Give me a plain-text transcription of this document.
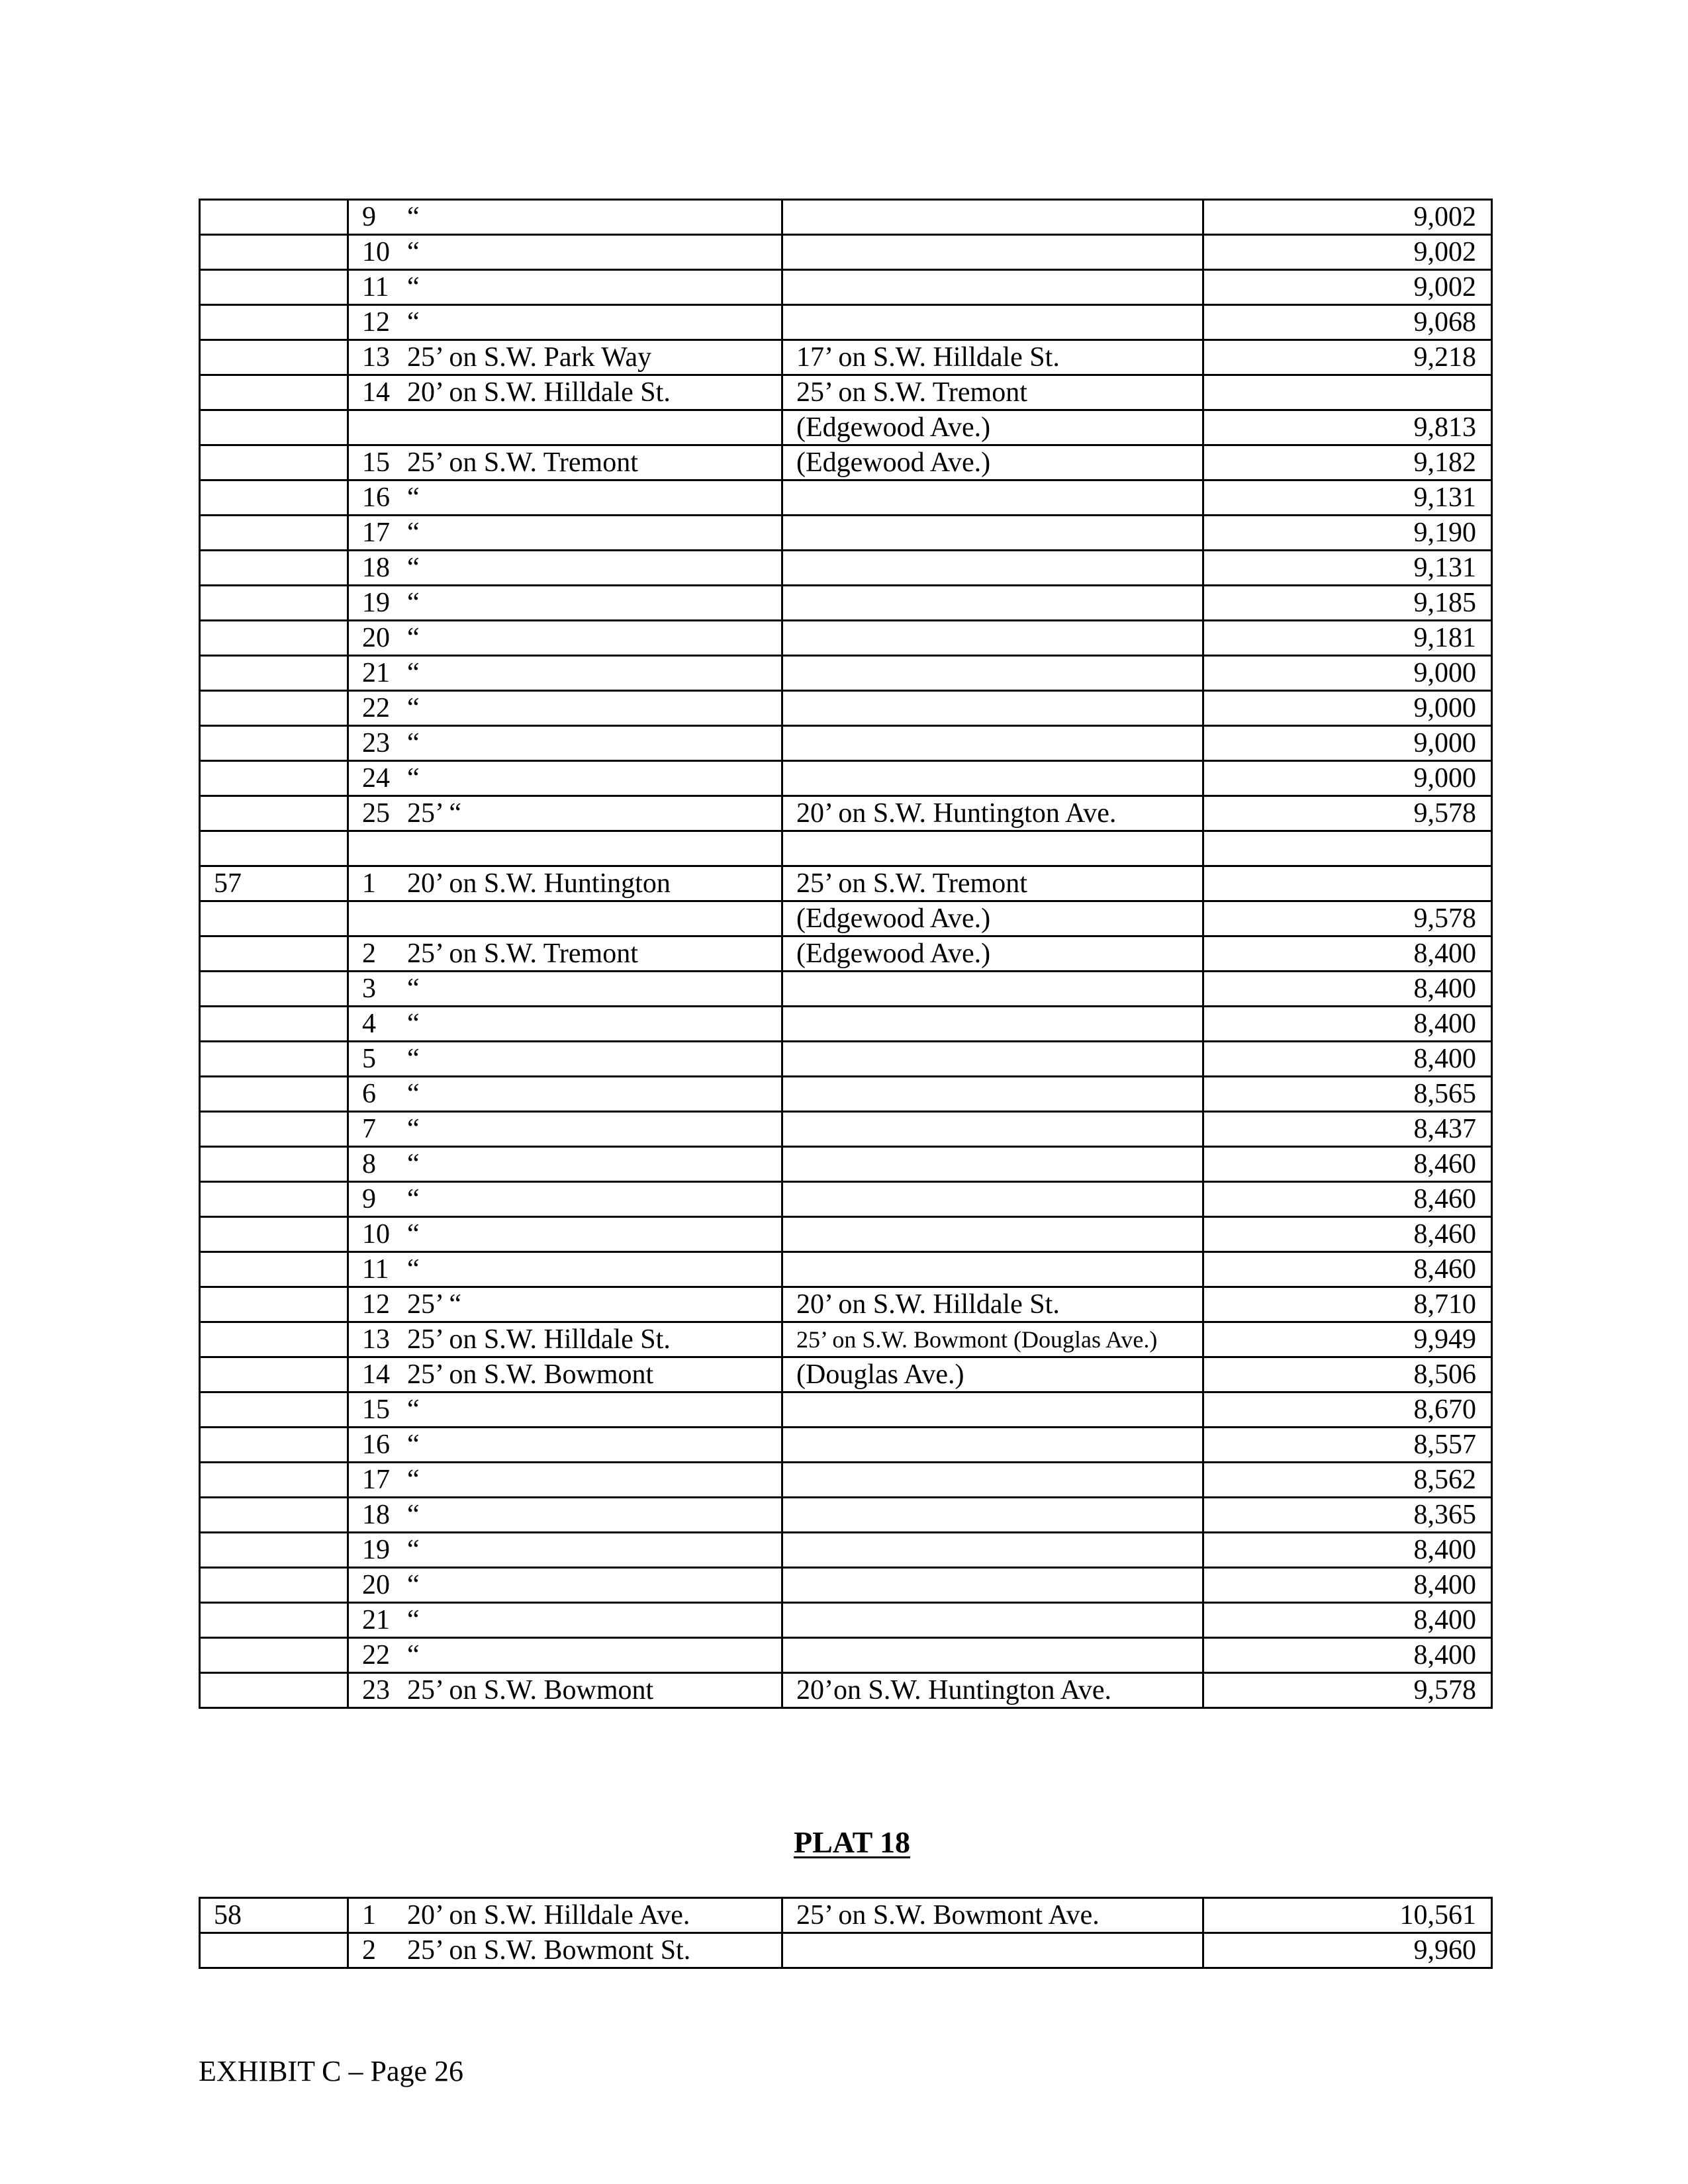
	9 “		9,002
	10 “		9,002
	11 “		9,002
	12 “		9,068
	13 25’ on S.W. Park Way	17’ on S.W. Hilldale St.	9,218
	14 20’ on S.W. Hilldale St.	25’ on S.W. Tremont	
		(Edgewood Ave.)	9,813
	15 25’ on S.W. Tremont	(Edgewood Ave.)	9,182
	16 “		9,131
	17 “		9,190
	18 “		9,131
	19 “		9,185
	20 “		9,181
	21 “		9,000
	22 “		9,000
	23 “		9,000
	24 “		9,000
	25 25’ “	20’ on S.W. Huntington Ave.	9,578

57	1 20’ on S.W. Huntington	25’ on S.W. Tremont	
		(Edgewood Ave.)	9,578
	2 25’ on S.W. Tremont	(Edgewood Ave.)	8,400
	3 “		8,400
	4 “		8,400
	5 “		8,400
	6 “		8,565
	7 “		8,437
	8 “		8,460
	9 “		8,460
	10 “		8,460
	11 “		8,460
	12 25’ “	20’ on S.W. Hilldale St.	8,710
	13 25’ on S.W. Hilldale St.	25’ on S.W. Bowmont (Douglas Ave.)	9,949
	14 25’ on S.W. Bowmont	(Douglas Ave.)	8,506
	15 “		8,670
	16 “		8,557
	17 “		8,562
	18 “		8,365
	19 “		8,400
	20 “		8,400
	21 “		8,400
	22 “		8,400
	23 25’ on S.W. Bowmont	20’on S.W. Huntington Ave.	9,578
PLAT 18
58	1 20’ on S.W. Hilldale Ave.	25’ on S.W. Bowmont Ave.	10,561
	2 25’ on S.W. Bowmont St.		9,960
EXHIBIT C – Page 26
